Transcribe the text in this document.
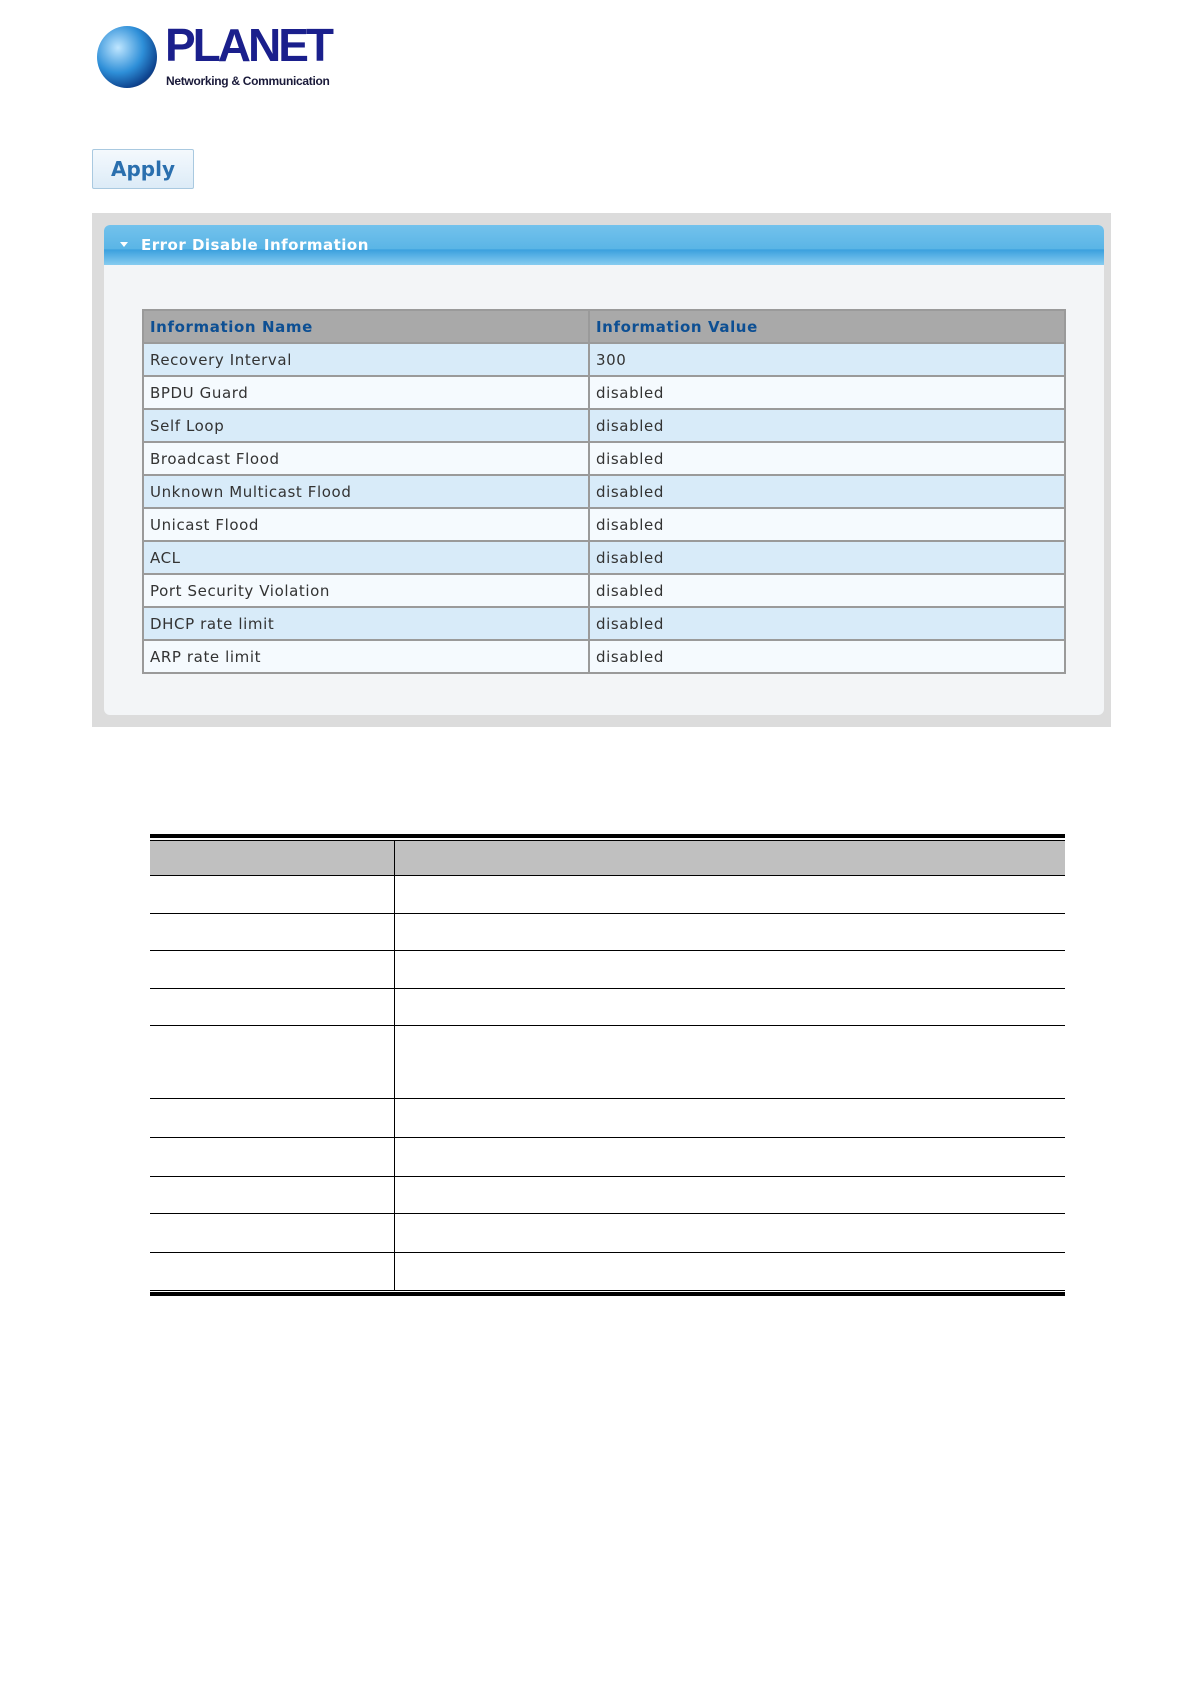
PLANET
Networking & Communication
Apply
Error Disable Information
Information Name	Information Value
Recovery Interval	300
BPDU Guard	disabled
Self Loop	disabled
Broadcast Flood	disabled
Unknown Multicast Flood	disabled
Unicast Flood	disabled
ACL	disabled
Port Security Violation	disabled
DHCP rate limit	disabled
ARP rate limit	disabled
